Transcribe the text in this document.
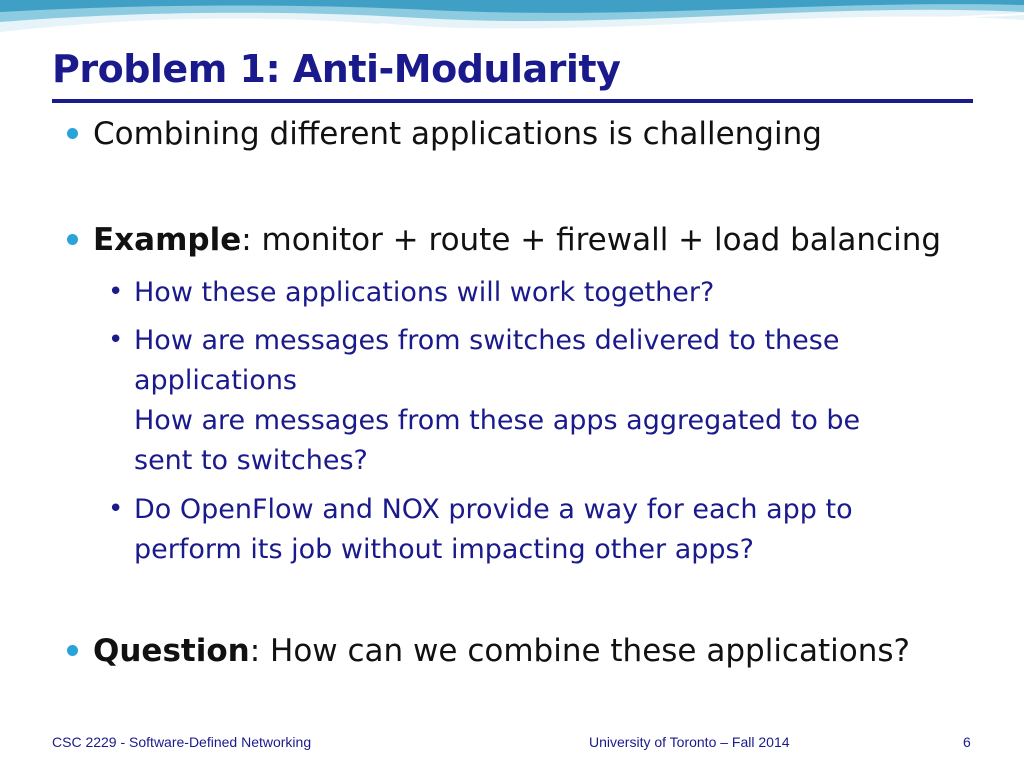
Problem 1: Anti-Modularity
Combining different applications is challenging
Example: monitor + route + firewall + load balancing
• How these applications will work together?
• How are messages from switches delivered to these
applications
How are messages from these apps aggregated to be
sent to switches?
• Do OpenFlow and NOX provide a way for each app to
perform its job without impacting other apps?
Question: How can we combine these applications?
CSC 2229 - Software-Defined Networking	University of Toronto – Fall 2014	6
